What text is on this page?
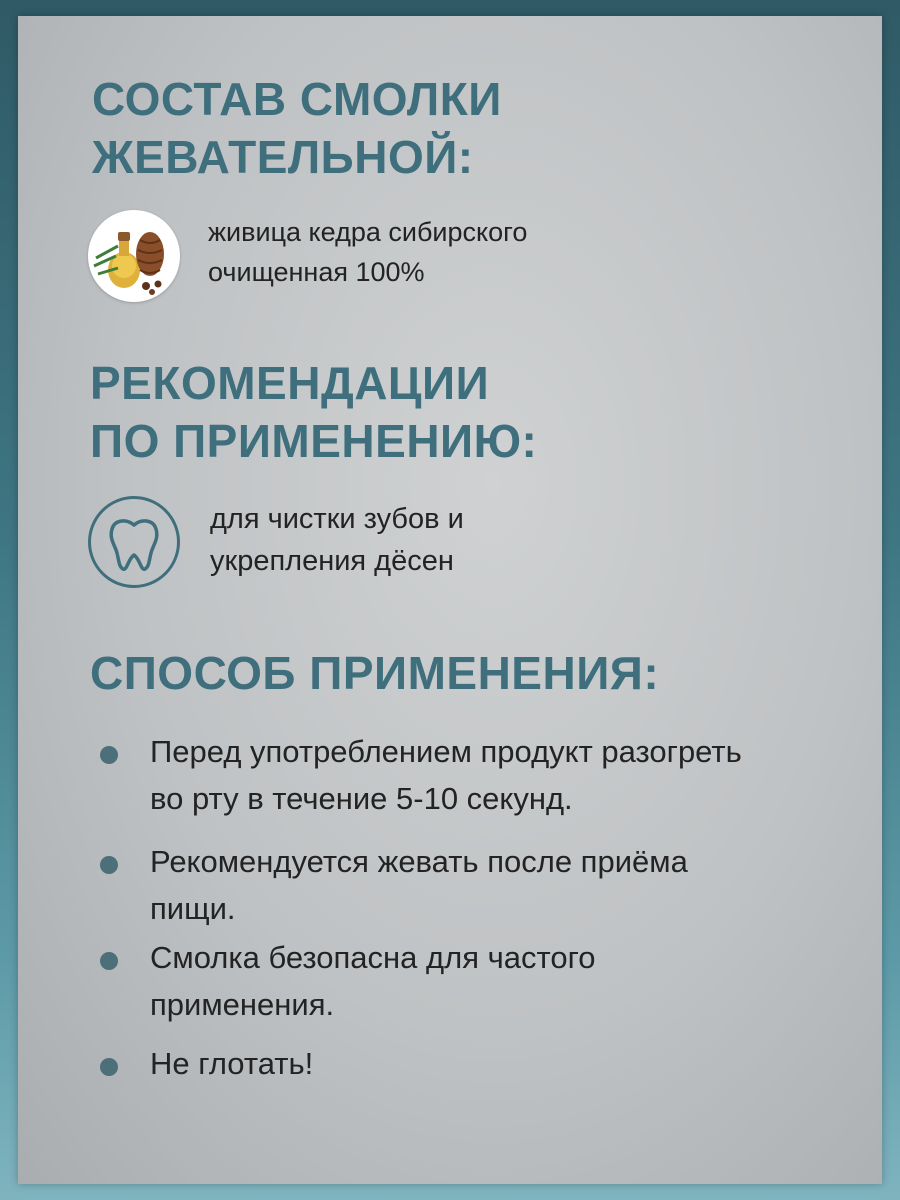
СОСТАВ СМОЛКИ
ЖЕВАТЕЛЬНОЙ:

живица кедра сибирского
очищенная 100%

РЕКОМЕНДАЦИИ
ПО ПРИМЕНЕНИЮ:

для чистки зубов и
укрепления дёсен

СПОСОБ ПРИМЕНЕНИЯ:

Перед употреблением продукт разогреть
во рту в течение 5-10 секунд.

Рекомендуется жевать после приёма
пищи.

Смолка безопасна для частого
применения.

Не глотать!
